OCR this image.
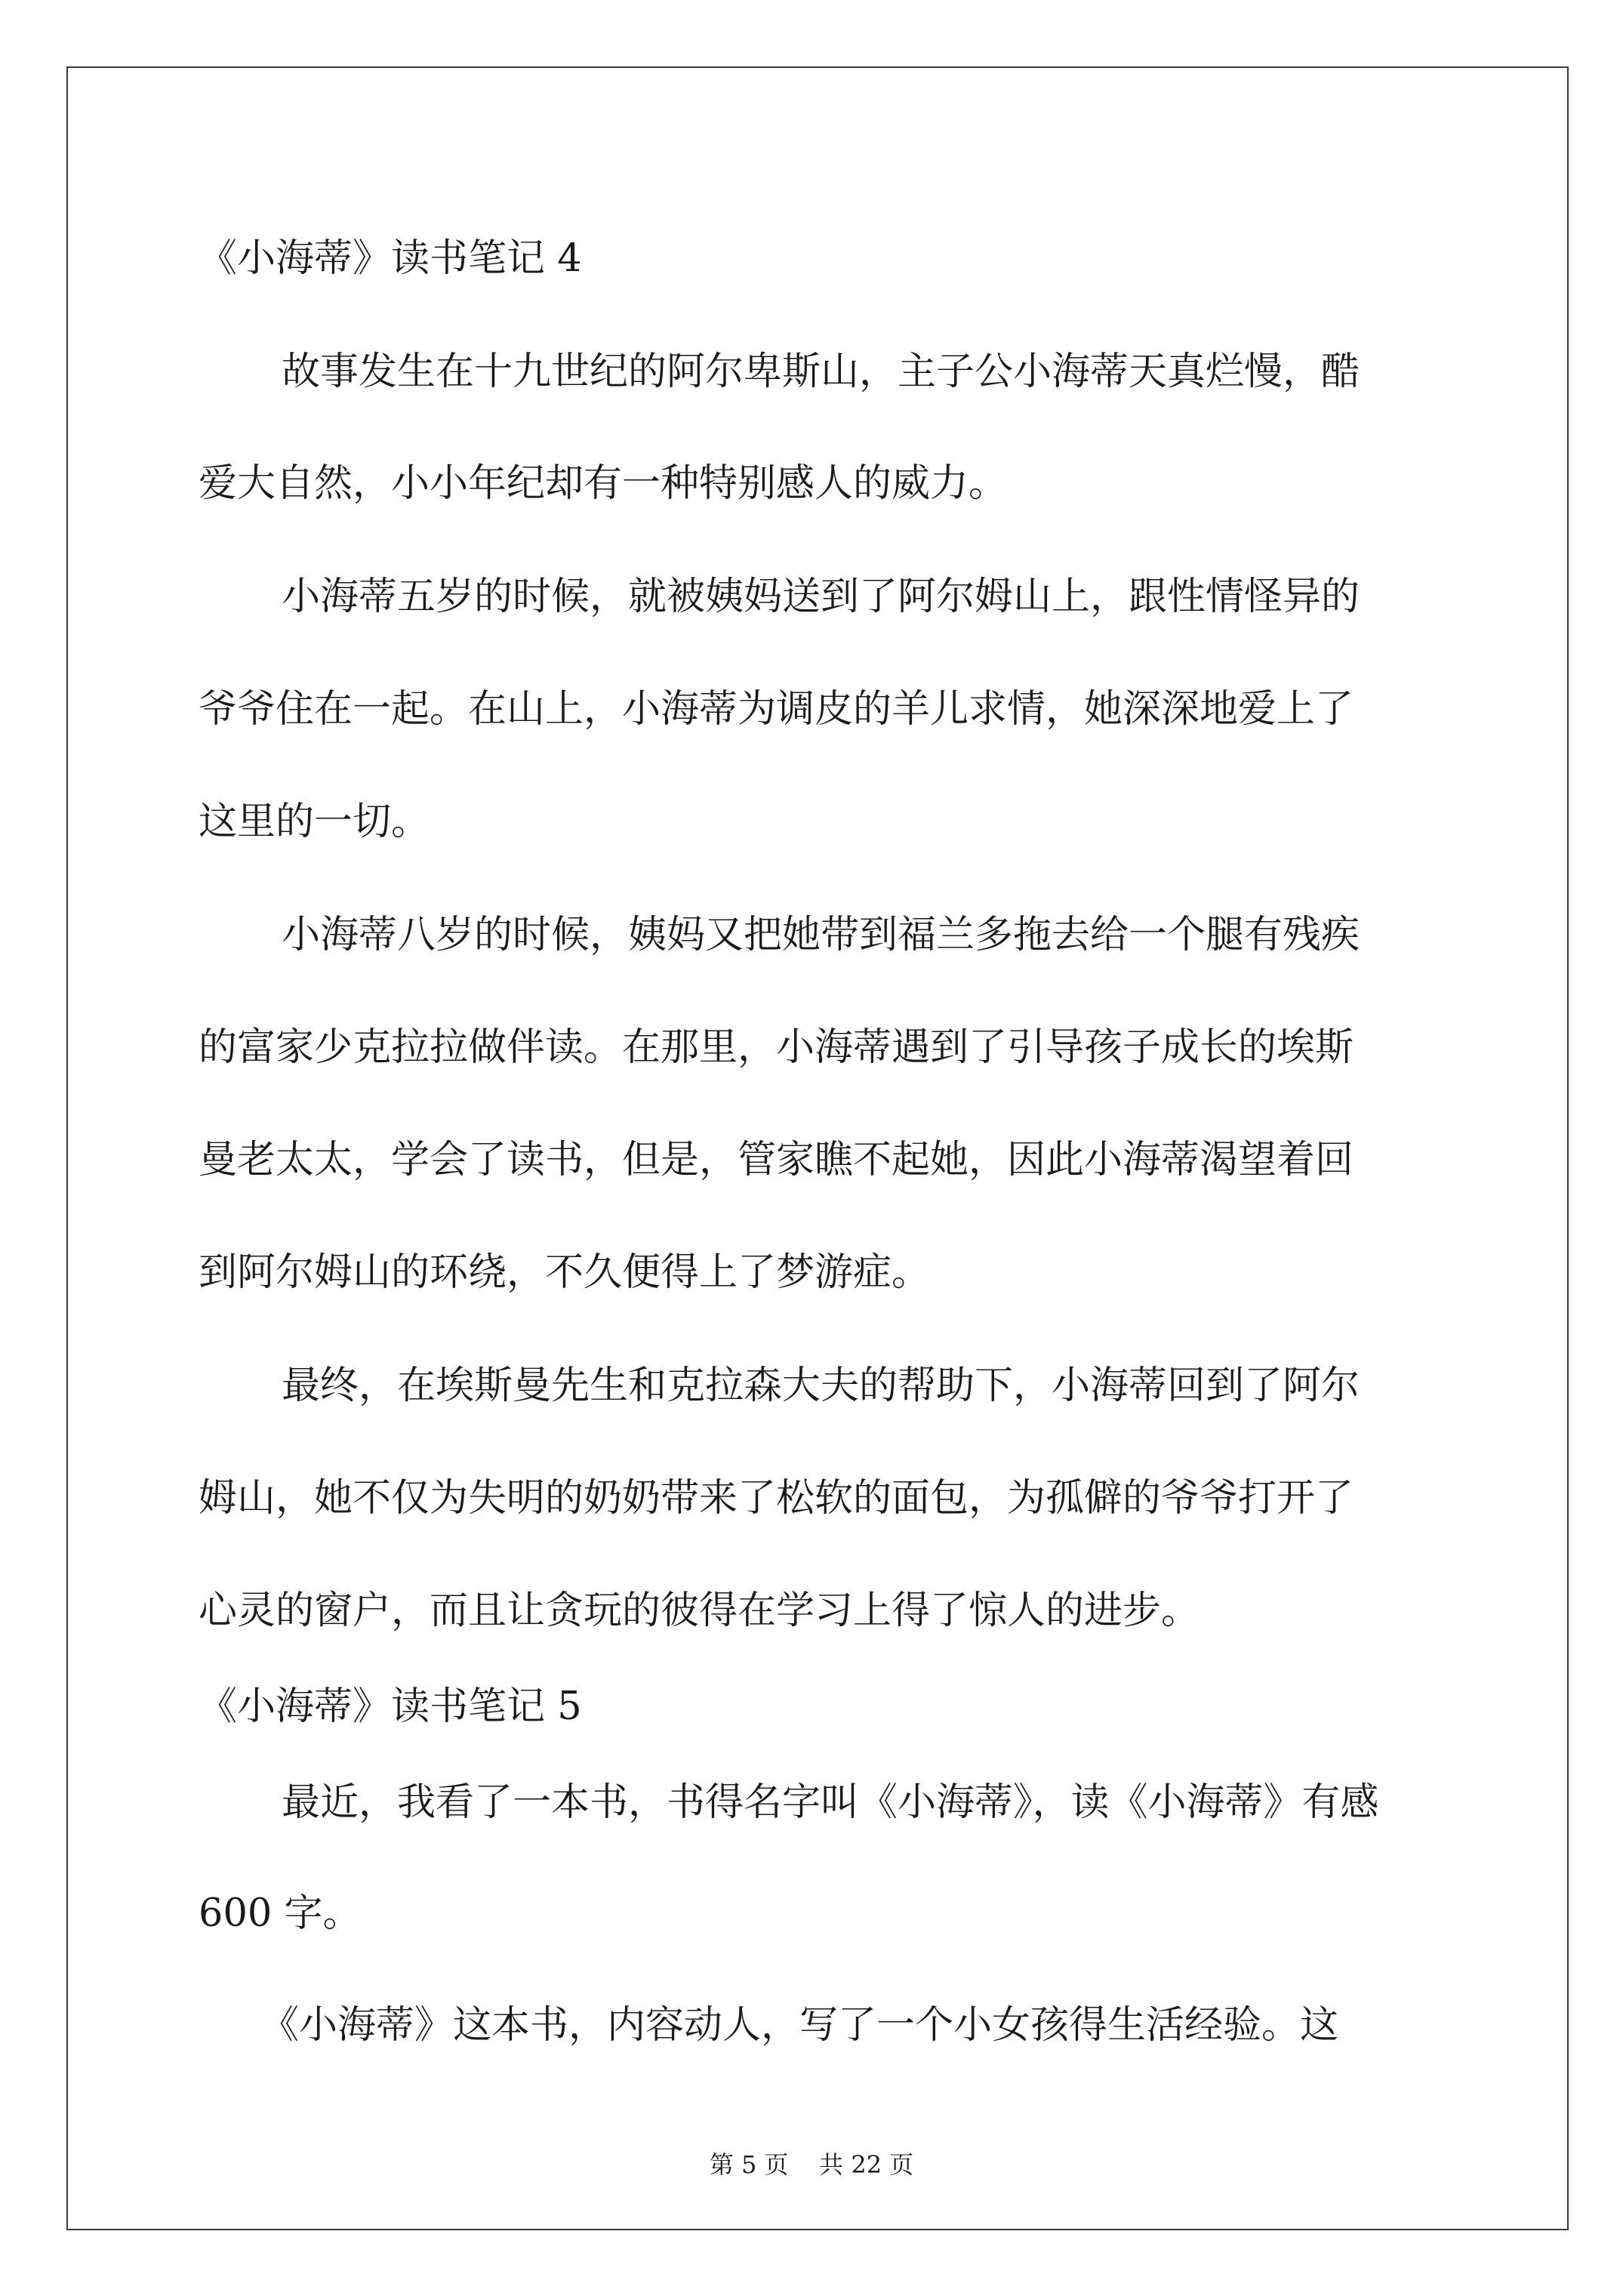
《小海蒂》读书笔记 4
故事发生在十九世纪的阿尔卑斯山，主子公小海蒂天真烂慢，酷
爱大自然，小小年纪却有一种特别感人的威力。
小海蒂五岁的时候，就被姨妈送到了阿尔姆山上，跟性情怪异的
爷爷住在一起。在山上，小海蒂为调皮的羊儿求情，她深深地爱上了
这里的一切。
小海蒂八岁的时候，姨妈又把她带到福兰多拖去给一个腿有残疾
的富家少克拉拉做伴读。在那里，小海蒂遇到了引导孩子成长的埃斯
曼老太太，学会了读书，但是，管家瞧不起她，因此小海蒂渴望着回
到阿尔姆山的环绕，不久便得上了梦游症。
最终，在埃斯曼先生和克拉森大夫的帮助下，小海蒂回到了阿尔
姆山，她不仅为失明的奶奶带来了松软的面包，为孤僻的爷爷打开了
心灵的窗户，而且让贪玩的彼得在学习上得了惊人的进步。
《小海蒂》读书笔记 5
最近，我看了一本书，书得名字叫《小海蒂》，读《小海蒂》有感
600 字。
《小海蒂》这本书，内容动人，写了一个小女孩得生活经验。这
第 5 页    共 22 页
